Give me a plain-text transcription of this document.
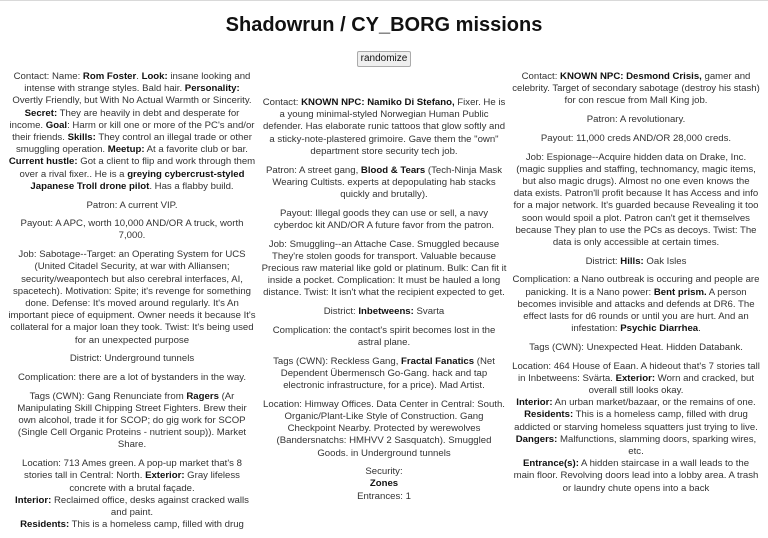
Shadowrun / CY_BORG missions
randomize

Contact: Name: Rom Foster. Look: insane looking and intense with strange styles. Bald hair. Personality: Overtly Friendly, but With No Actual Warmth or Sincerity. Secret: They are heavily in debt and desperate for income. Goal: Harm or kill one or more of the PC's and/or their friends. Skills: They control an illegal trade or other smuggling operation. Meetup: At a favorite club or bar. Current hustle: Got a client to flip and work through them over a rival fixer.. He is a greying cybercrust-styled Japanese Troll drone pilot. Has a flabby build.

Patron: A current VIP.

Payout: A APC, worth 10,000 AND/OR A truck, worth 7,000.

Job: Sabotage--Target: an Operating System for UCS (United Citadel Security, at war with Alliansen; security/weapontech but also cerebral interfaces, AI, spacetech). Motivation: Spite; it's revenge for something done. Defense: It's moved around regularly. It's An important piece of equipment. Owner needs it because It's collateral for a major loan they took. Twist: It's being used for an unexpected purpose

District: Underground tunnels

Complication: there are a lot of bystanders in the way.

Tags (CWN): Gang Renunciate from Ragers (Ar Manipulating Skill Chipping Street Fighters. Brew their own alcohol, trade it for SCOP; do gig work for SCOP (Single Cell Organic Proteins - nutrient soup)). Market Share.

Location: 713 Ames green. A pop-up market that's 8 stories tall in Central: North. Exterior: Gray lifeless concrete with a brutal façade.
Interior: Reclaimed office, desks against cracked walls and paint.
Residents: This is a homeless camp, filled with drug

Contact: KNOWN NPC: Namiko Di Stefano, Fixer. He is a young minimal-styled Norwegian Human Public defender. Has elaborate runic tattoos that glow softly and a sticky-note-plastered grimoire. Gave them the "own" department store security tech job.

Patron: A street gang, Blood & Tears (Tech-Ninja Mask Wearing Cultists. experts at depopulating hab stacks quickly and brutally).

Payout: Illegal goods they can use or sell, a navy cyberdoc kit AND/OR A future favor from the patron.

Job: Smuggling--an Attache Case. Smuggled because They're stolen goods for transport. Valuable because Precious raw material like gold or platinum. Bulk: Can fit it inside a pocket. Complication: It must be hauled a long distance. Twist: It isn't what the recipient expected to get.

District: Inbetweens: Svarta

Complication: the contact's spirit becomes lost in the astral plane.

Tags (CWN): Reckless Gang, Fractal Fanatics (Net Dependent Übermensch Go-Gang. hack and tap electronic infrastructure, for a price). Mad Artist.

Location: Himway Offices. Data Center in Central: South. Organic/Plant-Like Style of Construction. Gang Checkpoint Nearby. Protected by werewolves (Bandersnatchs: HMHVV 2 Sasquatch). Smuggled Goods. in Underground tunnels

Security:
Zones
Entrances: 1

Contact: KNOWN NPC: Desmond Crisis, gamer and celebrity. Target of secondary sabotage (destroy his stash) for con rescue from Mall King job.

Patron: A revolutionary.

Payout: 11,000 creds AND/OR 28,000 creds.

Job: Espionage--Acquire hidden data on Drake, Inc. (magic supplies and staffing, technomancy, magic items, but also magic drugs). Almost no one even knows the data exists. Patron'll profit because It has Access and info for a major network. It's guarded because Revealing it too soon would spoil a plot. Patron can't get it themselves because They plan to use the PCs as decoys. Twist: The data is only accessible at certain times.

District: Hills: Oak Isles

Complication: a Nano outbreak is occuring and people are panicking. It is a Nano power: Bent prism. A person becomes invisible and attacks and defends at DR6. The effect lasts for d6 rounds or until you are hurt. And an infestation: Psychic Diarrhea.

Tags (CWN): Unexpected Heat. Hidden Databank.

Location: 464 House of Eaan. A hideout that's 7 stories tall in Inbetweens: Svärta. Exterior: Worn and cracked, but overall still looks okay.
Interior: An urban market/bazaar, or the remains of one.
Residents: This is a homeless camp, filled with drug addicted or starving homeless squatters just trying to live.
Dangers: Malfunctions, slamming doors, sparking wires, etc.
Entrance(s): A hidden staircase in a wall leads to the main floor. Revolving doors lead into a lobby area. A trash or laundry chute opens into a back
